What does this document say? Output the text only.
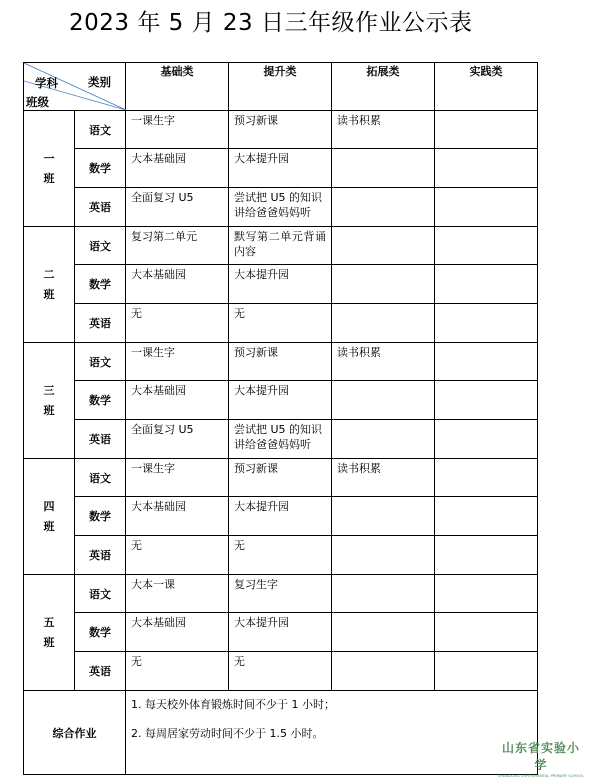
2023 年 5 月 23 日三年级作业公示表
类别
学科
班级		基础类	提升类	拓展类	实践类

一
班	语文	一课生字	预习新课	读书积累	
	数学	大本基础园	大本提升园		
	英语	全面复习 U5	尝试把 U5 的知识讲给爸爸妈妈听		

二
班	语文	复习第二单元	默写第二单元背诵内容		
	数学	大本基础园	大本提升园		
	英语	无	无		

三
班	语文	一课生字	预习新课	读书积累	
	数学	大本基础园	大本提升园		
	英语	全面复习 U5	尝试把 U5 的知识讲给爸爸妈妈听		

四
班	语文	一课生字	预习新课	读书积累	
	数学	大本基础园	大本提升园		
	英语	无	无		

五
班	语文	大本一课	复习生字		
	数学	大本基础园	大本提升园		
	英语	无	无		
综合作业		1. 每天校外体育锻炼时间不少于 1 小时；
2. 每周居家劳动时间不少于 1.5 小时。			
山东省实验小学
SHANDONG EXPERIMENTAL PRIMARY SCHOOL
